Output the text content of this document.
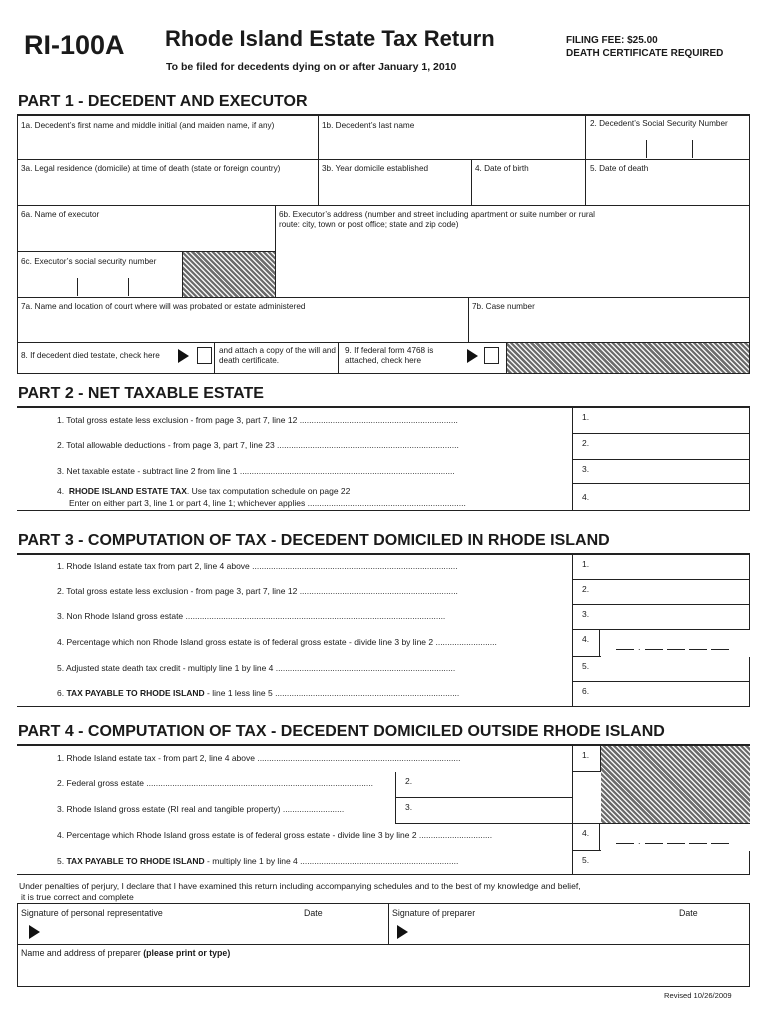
RI-100A Rhode Island Estate Tax Return
To be filed for decedents dying on or after January 1, 2010
FILING FEE: $25.00
DEATH CERTIFICATE REQUIRED
PART 1 - DECEDENT AND EXECUTOR
1a. Decedent’s first name and middle initial (and maiden name, if any)	1b. Decedent’s last name	2. Decedent’s Social Security Number
3a. Legal residence (domicile) at time of death (state or foreign country)	3b. Year domicile established	4. Date of birth	5. Date of death
6a. Name of executor	6b. Executor’s address (number and street including apartment or suite number or rural route: city, town or post office; state and zip code)
6c. Executor’s social security number
7a. Name and location of court where will was probated or estate administered	7b. Case number
8. If decedent died testate, check here
and attach a copy of the will and death certificate.
9. If federal form 4768 is attached, check here
PART 2 - NET TAXABLE ESTATE
1. Total gross estate less exclusion - from page 3, part 7, line 12 ...................................................................	1.
2. Total allowable deductions - from page 3, part 7, line 23 .............................................................................	2.
3. Net taxable estate - subtract line 2 from line 1 ...........................................................................................	3.
4. RHODE ISLAND ESTATE TAX. Use tax computation schedule on page 22
Enter on either part 3, line 1 or part 4, line 1; whichever applies ...................................................................
4.
PART 3 - COMPUTATION OF TAX - DECEDENT DOMICILED IN RHODE ISLAND
1. Rhode Island estate tax from part 2, line 4 above .......................................................................................	1.
2. Total gross estate less exclusion - from page 3, part 7, line 12 ...................................................................	2.
3. Non Rhode Island gross estate ..............................................................................................................	3.
4. Percentage which non Rhode Island gross estate is of federal gross estate - divide line 3 by line 2 ..........................	4.
.
5. Adjusted state death tax credit - multiply line 1 by line 4 ............................................................................	5.
6. TAX PAYABLE TO RHODE ISLAND - line 1 less line 5 ..............................................................................	6.
PART 4 - COMPUTATION OF TAX - DECEDENT DOMICILED OUTSIDE RHODE ISLAND
1. Rhode Island estate tax - from part 2, line 4 above ......................................................................................	1.
2. Federal gross estate ................................................................................................	2.
3. Rhode Island gross estate (RI real and tangible property) ..........................	3.
4. Percentage which Rhode Island gross estate is of federal gross estate - divide line 3 by line 2 ...............................	4.
.
5. TAX PAYABLE TO RHODE ISLAND - multiply line 1 by line 4 ...................................................................	5.
Under penalties of perjury, I declare that I have examined this return including accompanying schedules and to the best of my knowledge and belief,
it is true correct and complete
Signature of personal representative	Date	Signature of preparer	Date
Name and address of preparer (please print or type)
Revised 10/26/2009
